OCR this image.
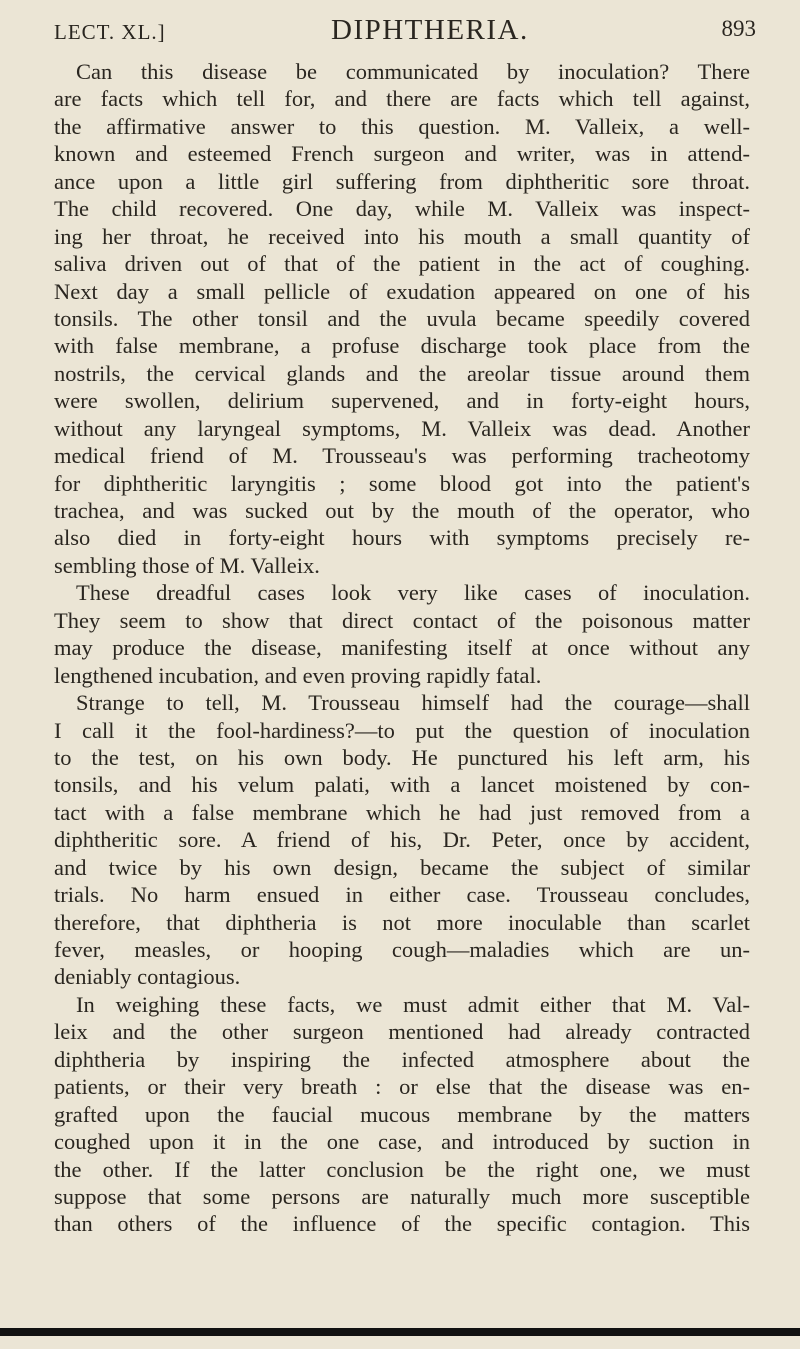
LECT. XL.]	DIPHTHERIA.	893
Can this disease be communicated by inoculation? There
are facts which tell for, and there are facts which tell against,
the affirmative answer to this question. M. Valleix, a well-
known and esteemed French surgeon and writer, was in attend-
ance upon a little girl suffering from diphtheritic sore throat.
The child recovered. One day, while M. Valleix was inspect-
ing her throat, he received into his mouth a small quantity of
saliva driven out of that of the patient in the act of coughing.
Next day a small pellicle of exudation appeared on one of his
tonsils. The other tonsil and the uvula became speedily covered
with false membrane, a profuse discharge took place from the
nostrils, the cervical glands and the areolar tissue around them
were swollen, delirium supervened, and in forty-eight hours,
without any laryngeal symptoms, M. Valleix was dead. Another
medical friend of M. Trousseau's was performing tracheotomy
for diphtheritic laryngitis ; some blood got into the patient's
trachea, and was sucked out by the mouth of the operator, who
also died in forty-eight hours with symptoms precisely re-
sembling those of M. Valleix.
These dreadful cases look very like cases of inoculation.
They seem to show that direct contact of the poisonous matter
may produce the disease, manifesting itself at once without any
lengthened incubation, and even proving rapidly fatal.
Strange to tell, M. Trousseau himself had the courage—shall
I call it the fool-hardiness?—to put the question of inoculation
to the test, on his own body. He punctured his left arm, his
tonsils, and his velum palati, with a lancet moistened by con-
tact with a false membrane which he had just removed from a
diphtheritic sore. A friend of his, Dr. Peter, once by accident,
and twice by his own design, became the subject of similar
trials. No harm ensued in either case. Trousseau concludes,
therefore, that diphtheria is not more inoculable than scarlet
fever, measles, or hooping cough—maladies which are un-
deniably contagious.
In weighing these facts, we must admit either that M. Val-
leix and the other surgeon mentioned had already contracted
diphtheria by inspiring the infected atmosphere about the
patients, or their very breath : or else that the disease was en-
grafted upon the faucial mucous membrane by the matters
coughed upon it in the one case, and introduced by suction in
the other. If the latter conclusion be the right one, we must
suppose that some persons are naturally much more susceptible
than others of the influence of the specific contagion. This
